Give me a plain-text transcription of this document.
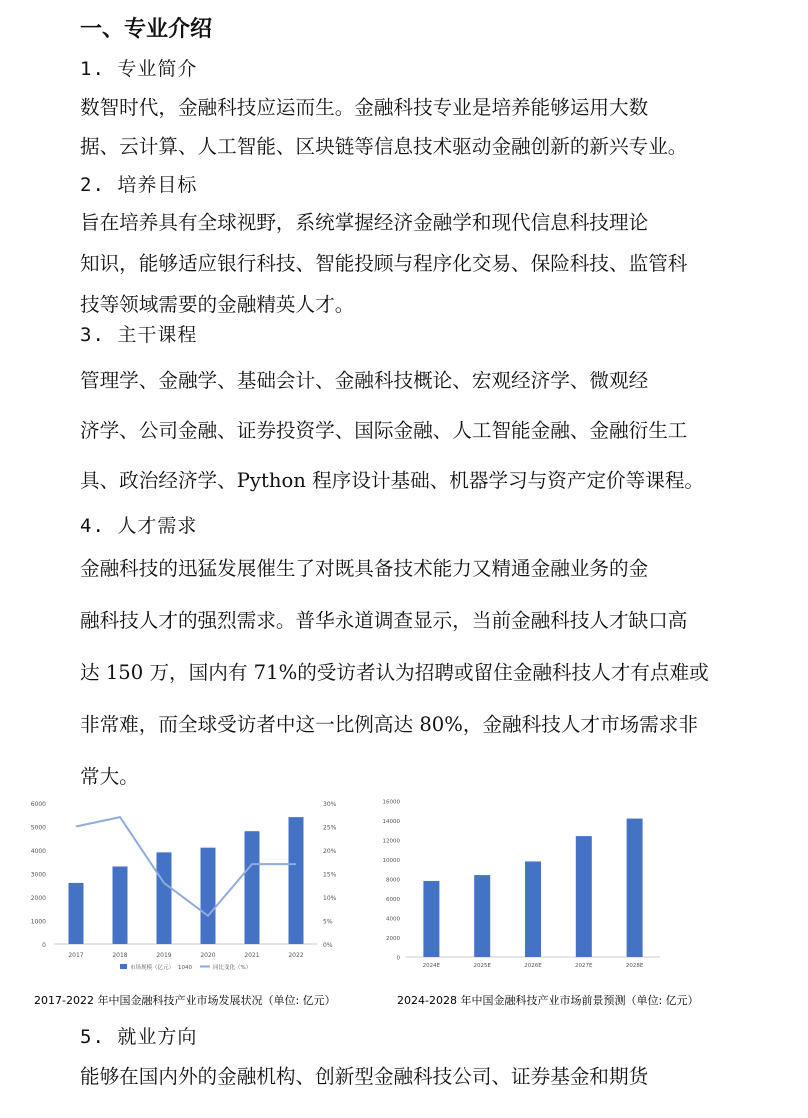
一、专业介绍
1. 专业简介
数智时代，金融科技应运而生。金融科技专业是培养能够运用大数
据、云计算、人工智能、区块链等信息技术驱动金融创新的新兴专业。
2. 培养目标
旨在培养具有全球视野，系统掌握经济金融学和现代信息科技理论
知识，能够适应银行科技、智能投顾与程序化交易、保险科技、监管科
技等领域需要的金融精英人才。
3. 主干课程
管理学、金融学、基础会计、金融科技概论、宏观经济学、微观经
济学、公司金融、证券投资学、国际金融、人工智能金融、金融衍生工
具、政治经济学、Python 程序设计基础、机器学习与资产定价等课程。
4. 人才需求
金融科技的迅猛发展催生了对既具备技术能力又精通金融业务的金
融科技人才的强烈需求。普华永道调查显示，当前金融科技人才缺口高
达 150 万，国内有 71%的受访者认为招聘或留住金融科技人才有点难或
非常难，而全球受访者中这一比例高达 80%，金融科技人才市场需求非
常大。
0
1000
2000
3000
4000
5000
6000
0%
5%
10%
15%
20%
25%
30%
2017	2018	2019	2020	2021	2022
市场规模（亿元） 1040	同比变化（%）
0
2000
4000
6000
8000
10000
12000
14000
16000
2024E	2025E	2026E	2027E	2028E
2017-2022 年中国金融科技产业市场发展状况（单位: 亿元）	2024-2028 年中国金融科技产业市场前景预测（单位: 亿元）
5. 就业方向
能够在国内外的金融机构、创新型金融科技公司、证券基金和期货
